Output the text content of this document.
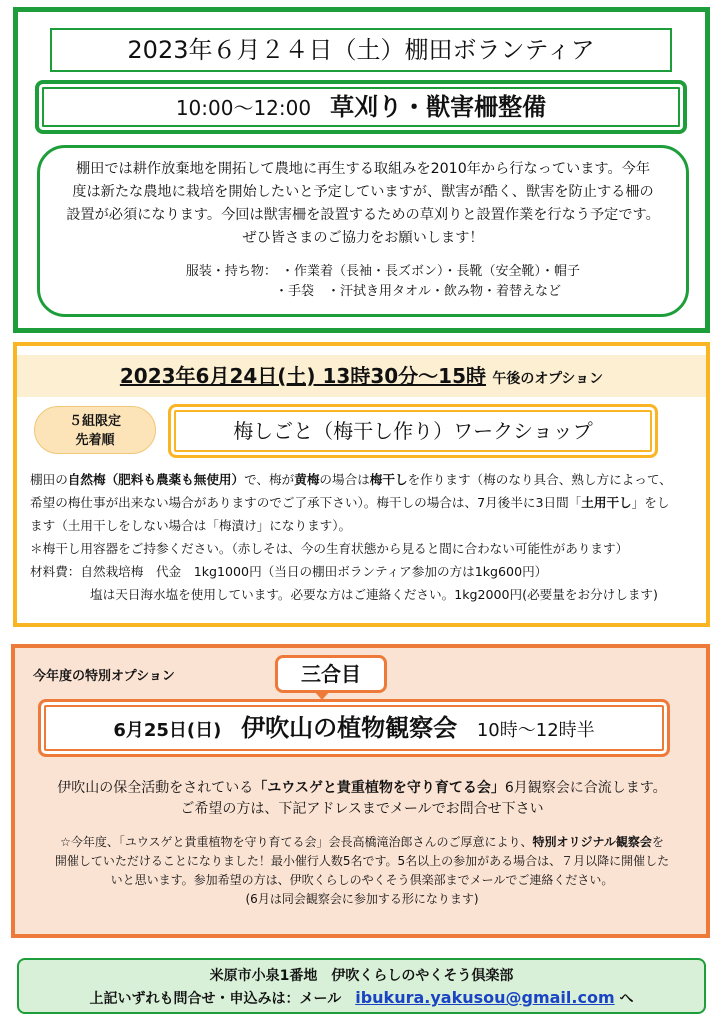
2023年６月２４日（土）棚田ボランティア
10:00～12:00 草刈り・獣害柵整備
棚田では耕作放棄地を開拓して農地に再生する取組みを2010年から行なっています。今年
度は新たな農地に栽培を開始したいと予定していますが、獣害が酷く、獣害を防止する柵の
設置が必須になります。今回は獣害柵を設置するための草刈りと設置作業を行なう予定です。
ぜひ皆さまのご協力をお願いします！
服装・持ち物： ・作業着（長袖・長ズボン）・長靴（安全靴）・帽子
・手袋　・汗拭き用タオル・飲み物・着替えなど
2023年6月24日(土) 13時30分～15時 午後のオプション
５組限定
先着順	梅しごと（梅干し作り）ワークショップ

棚田の自然梅（肥料も農薬も無使用）で、梅が黄梅の場合は梅干しを作ります（梅のなり具合、熟し方によって、
希望の梅仕事が出来ない場合がありますのでご了承下さい）。梅干しの場合は、7月後半に3日間「土用干し」をし
ます（土用干しをしない場合は「梅漬け」になります）。

＊梅干し用容器をご持参ください。（赤しそは、今の生育状態から見ると間に合わない可能性があります）

材料費：自然栽培梅　代金　1kg1000円（当日の棚田ボランティア参加の方は1kg600円）

塩は天日海水塩を使用しています。必要な方はご連絡ください。1kg2000円(必要量をお分けします)

今年度の特別オプション	三合目
6月25日(日) 伊吹山の植物観察会 10時～12時半
伊吹山の保全活動をされている「ユウスゲと貴重植物を守り育てる会」6月観察会に合流します。
ご希望の方は、下記アドレスまでメールでお問合せ下さい
☆今年度、「ユウスゲと貴重植物を守り育てる会」会長高橋滝治郎さんのご厚意により、特別オリジナル観察会を
開催していただけることになりました！最小催行人数5名です。5名以上の参加がある場合は、７月以降に開催した
いと思います。参加希望の方は、伊吹くらしのやくそう倶楽部までメールでご連絡ください。
(6月は同会観察会に参加する形になります)
米原市小泉1番地　伊吹くらしのやくそう倶楽部
上記いずれも問合せ・申込みは：メール　ibukura.yakusou@gmail.com へ
